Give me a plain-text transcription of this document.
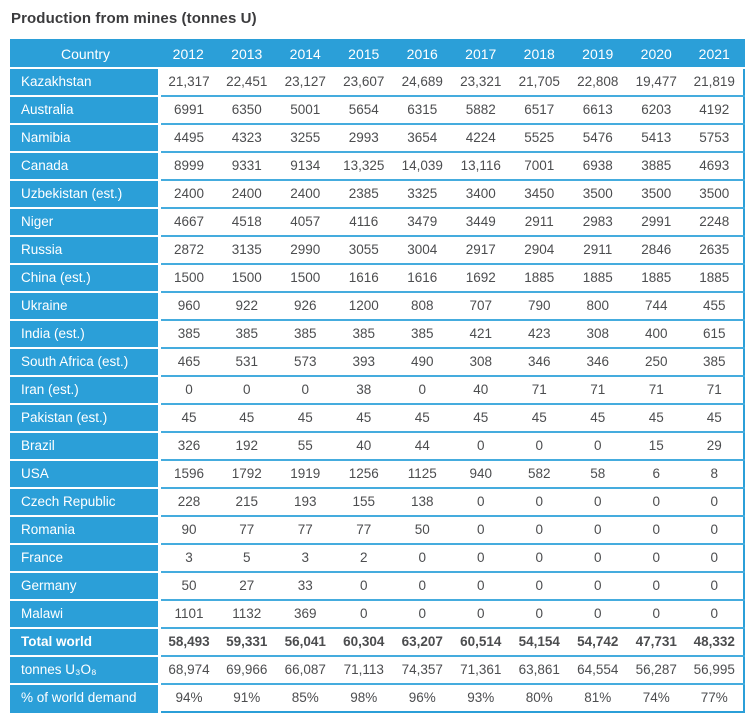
Production from mines (tonnes U)
Country	2012	2013	2014	2015	2016	2017	2018	2019	2020	2021
Kazakhstan	21,317	22,451	23,127	23,607	24,689	23,321	21,705	22,808	19,477	21,819
Australia	6991	6350	5001	5654	6315	5882	6517	6613	6203	4192
Namibia	4495	4323	3255	2993	3654	4224	5525	5476	5413	5753
Canada	8999	9331	9134	13,325	14,039	13,116	7001	6938	3885	4693
Uzbekistan (est.)	2400	2400	2400	2385	3325	3400	3450	3500	3500	3500
Niger	4667	4518	4057	4116	3479	3449	2911	2983	2991	2248
Russia	2872	3135	2990	3055	3004	2917	2904	2911	2846	2635
China (est.)	1500	1500	1500	1616	1616	1692	1885	1885	1885	1885
Ukraine	960	922	926	1200	808	707	790	800	744	455
India (est.)	385	385	385	385	385	421	423	308	400	615
South Africa (est.)	465	531	573	393	490	308	346	346	250	385
Iran (est.)	0	0	0	38	0	40	71	71	71	71
Pakistan (est.)	45	45	45	45	45	45	45	45	45	45
Brazil	326	192	55	40	44	0	0	0	15	29
USA	1596	1792	1919	1256	1125	940	582	58	6	8
Czech Republic	228	215	193	155	138	0	0	0	0	0
Romania	90	77	77	77	50	0	0	0	0	0
France	3	5	3	2	0	0	0	0	0	0
Germany	50	27	33	0	0	0	0	0	0	0
Malawi	1101	1132	369	0	0	0	0	0	0	0
Total world	58,493	59,331	56,041	60,304	63,207	60,514	54,154	54,742	47,731	48,332
tonnes U₃O₈	68,974	69,966	66,087	71,113	74,357	71,361	63,861	64,554	56,287	56,995
% of world demand	94%	91%	85%	98%	96%	93%	80%	81%	74%	77%
